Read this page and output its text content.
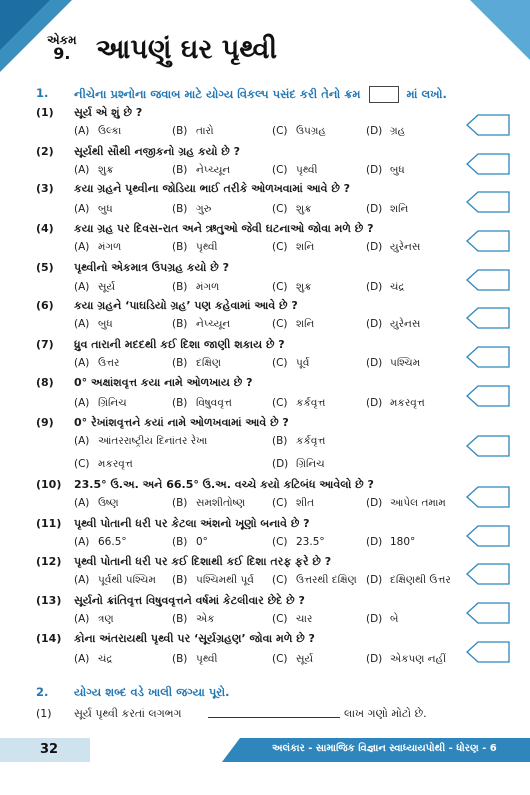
એકમ
9. આપણું ઘર પૃથ્વી
1. નીચેના પ્રશ્નોના જવાબ માટે યોગ્ય વિકલ્પ પસંદ કરી તેનો ક્રમ	માં લખો.
(1) સૂર્ય એ શું છે ?
(A) ઉલ્કા	(B) તારો	(C) ઉપગ્રહ	(D) ગ્રહ
(2) સૂર્યથી સૌથી નજીકનો ગ્રહ કયો છે ?
(A) શુક્ર	(B) નેપ્ચ્યૂન	(C) પૃથ્વી	(D) બુધ
(3) કયા ગ્રહને પૃથ્વીના જોડિયા ભાઈ તરીકે ઓળખવામાં આવે છે ?
(A) બુધ	(B) ગુરુ	(C) શુક્ર	(D) શનિ
(4) કયા ગ્રહ પર દિવસ-રાત અને ઋતુઓ જેવી ઘટનાઓ જોવા મળે છે ?
(A) મંગળ	(B) પૃથ્વી	(C) શનિ	(D) યુરેનસ
(5) પૃથ્વીનો એકમાત્ર ઉપગ્રહ કયો છે ?
(A) સૂર્ય	(B) મંગળ	(C) શુક્ર	(D) ચંદ્ર
(6) કયા ગ્રહને ‘પાઘડિયો ગ્રહ’ પણ કહેવામાં આવે છે ?
(A) બુધ	(B) નેપ્ચ્યૂન	(C) શનિ	(D) યુરેનસ
(7) ધ્રુવ તારાની મદદથી કઈ દિશા જાણી શકાય છે ?
(A) ઉત્તર	(B) દક્ષિણ	(C) પૂર્વ	(D) પશ્ચિમ
(8) 0° અક્ષાંશવૃત્ત કયા નામે ઓળખાય છે ?
(A) ગ્રિનિચ	(B) વિષુવવૃત્ત	(C) કર્કવૃત્ત	(D) મકરવૃત્ત
(9) 0° રેખાંશવૃત્તને કયાં નામે ઓળખવામાં આવે છે ?
(A) આંતરરાષ્ટ્રીય દિનાંતર રેખા	(B) કર્કવૃત્ત
(C) મકરવૃત્ત	(D) ગ્રિનિચ
(10) 23.5° ઉ.અ. અને 66.5° ઉ.અ. વચ્ચે કયો કટિબંધ આવેલો છે ?
(A) ઉષ્ણ	(B) સમશીતોષ્ણ	(C) શીત	(D) આપેલ તમામ
(11) પૃથ્વી પોતાની ધરી પર કેટલા અંશનો ખૂણો બનાવે છે ?
(A) 66.5°	(B) 0°	(C) 23.5°	(D) 180°
(12) પૃથ્વી પોતાની ધરી પર કઈ દિશાથી કઈ દિશા તરફ ફરે છે ?
(A) પૂર્વથી પશ્ચિમ (B) પશ્ચિમથી પૂર્વ (C) ઉત્તરથી દક્ષિણ (D) દક્ષિણથી ઉત્તર
(13) સૂર્યનો ક્રાંતિવૃત્ત વિષુવવૃત્તને વર્ષમાં કેટલીવાર છેદે છે ?
(A) ત્રણ	(B) એક	(C) ચાર	(D) બે
(14) કોના અંતરાયથી પૃથ્વી પર ‘સૂર્યગ્રહણ’ જોવા મળે છે ?
(A) ચંદ્ર	(B) પૃથ્વી	(C) સૂર્ય	(D) એકપણ નહીં
2. યોગ્ય શબ્દ વડે ખાલી જગ્યા પૂરો.
(1) સૂર્ય પૃથ્વી કરતાં લગભગ	લાખ ગણો મોટો છે.
32	અલંકાર - સામાજિક વિજ્ઞાન સ્વાધ્યાયપોથી - ધોરણ - 6
